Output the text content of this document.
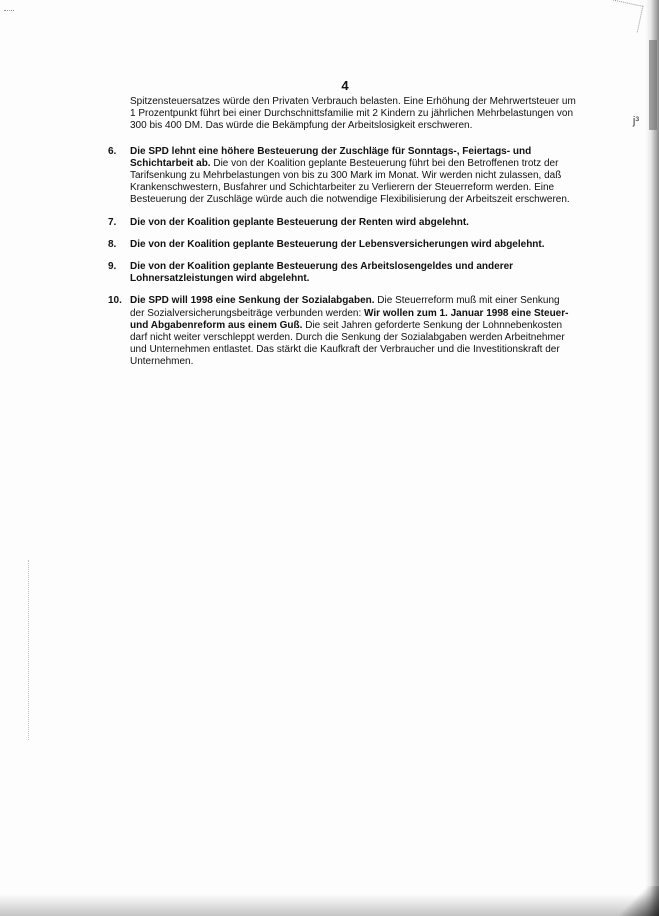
j³
4

Spitzensteuersatzes würde den Privaten Verbrauch belasten. Eine Erhöhung der Mehrwertsteuer um 1 Prozentpunkt führt bei einer Durchschnittsfamilie mit 2 Kindern zu jährlichen Mehrbelastungen von 300 bis 400 DM. Das würde die Bekämpfung der Arbeitslosigkeit erschweren.

6. Die SPD lehnt eine höhere Besteuerung der Zuschläge für Sonntags-, Feiertags- und Schichtarbeit ab. Die von der Koalition geplante Besteuerung führt bei den Betroffenen trotz der Tarifsenkung zu Mehrbelastungen von bis zu 300 Mark im Monat. Wir werden nicht zulassen, daß Krankenschwestern, Busfahrer und Schichtarbeiter zu Verlierern der Steuerreform werden. Eine Besteuerung der Zuschläge würde auch die notwendige Flexibilisierung der Arbeitszeit erschweren.

7. Die von der Koalition geplante Besteuerung der Renten wird abgelehnt.

8. Die von der Koalition geplante Besteuerung der Lebensversicherungen wird abgelehnt.

9. Die von der Koalition geplante Besteuerung des Arbeitslosengeldes und anderer Lohnersatzleistungen wird abgelehnt.

10. Die SPD will 1998 eine Senkung der Sozialabgaben. Die Steuerreform muß mit einer Senkung der Sozialversicherungsbeiträge verbunden werden: Wir wollen zum 1. Januar 1998 eine Steuer- und Abgabenreform aus einem Guß. Die seit Jahren geforderte Senkung der Lohnnebenkosten darf nicht weiter verschleppt werden. Durch die Senkung der Sozialabgaben werden Arbeitnehmer und Unternehmen entlastet. Das stärkt die Kaufkraft der Verbraucher und die Investitionskraft der Unternehmen.
